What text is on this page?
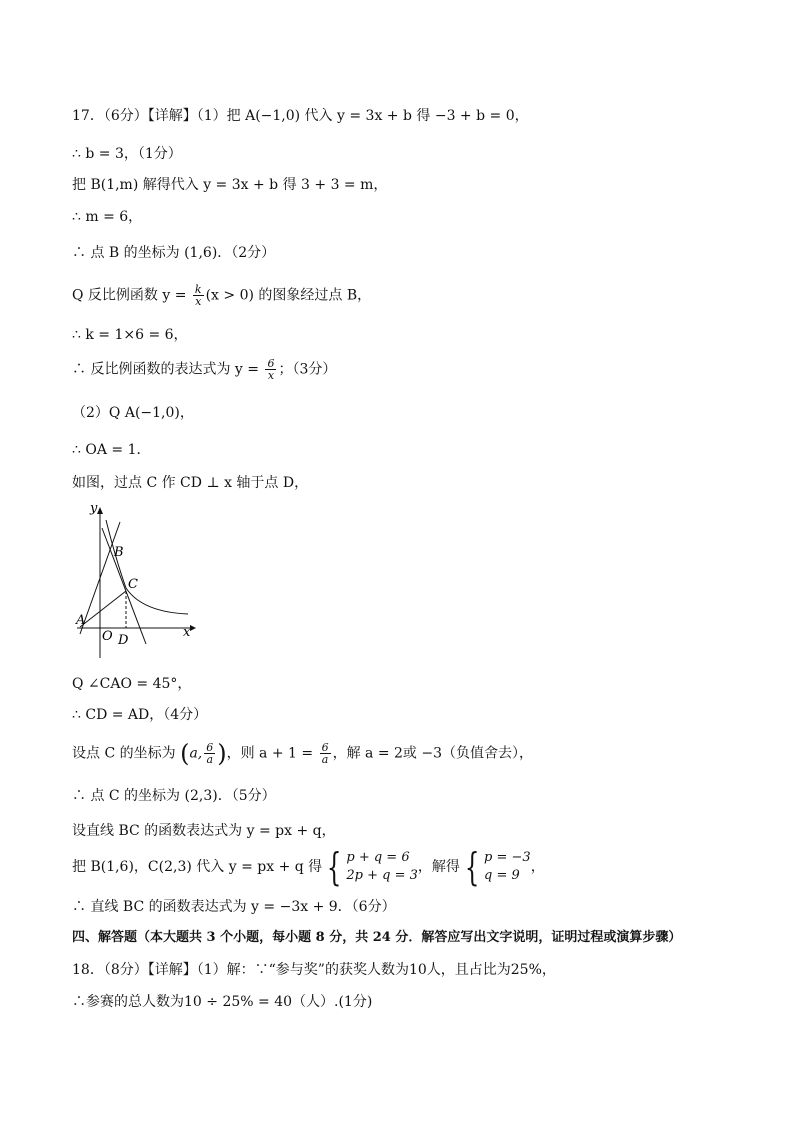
17．（6分）【详解】（1）把 A(−1,0) 代入 y = 3x + b 得 −3 + b = 0，
∴ b = 3，（1分）
把 B(1,m) 解得代入 y = 3x + b 得 3 + 3 = m，
∴ m = 6，
∴ 点 B 的坐标为 (1,6)．（2分）
Q 反比例函数 $y = \frac{k}{x} (x > 0)$ 的图象经过点 B，
∴ k = 1×6 = 6，
∴ 反比例函数的表达式为 $y = \frac{6}{x}$ ；（3分）
（2）Q A(−1,0)，
∴ OA = 1．
如图，过点 C 作 CD ⊥ x 轴于点 D，
y
x
A
B
C
O D
Q ∠CAO = 45°，
∴ CD = AD，（4分）
设点 C 的坐标为 (a, $\frac{6}{a}$ )，则 $a + 1 = \frac{6}{a}$ ，解 a = 2或 −3（负值舍去），
∴ 点 C 的坐标为 (2,3)．（5分）
设直线 BC 的函数表达式为 y = px + q，
把 B(1,6)，C(2,3) 代入 y = px + q 得 { p + q = 6
2p + q = 3
，解得 { p = −3
q = 9
，
∴ 直线 BC 的函数表达式为 y = −3x + 9．（6分）
四、解答题（本大题共 3 个小题，每小题 8 分，共 24 分．解答应写出文字说明，证明过程或演算步骤）
18．（8分）【详解】（1）解：∵“参与奖”的获奖人数为10人，且占比为25%，
∴参赛的总人数为10 ÷ 25% = 40（人）.(1分)
